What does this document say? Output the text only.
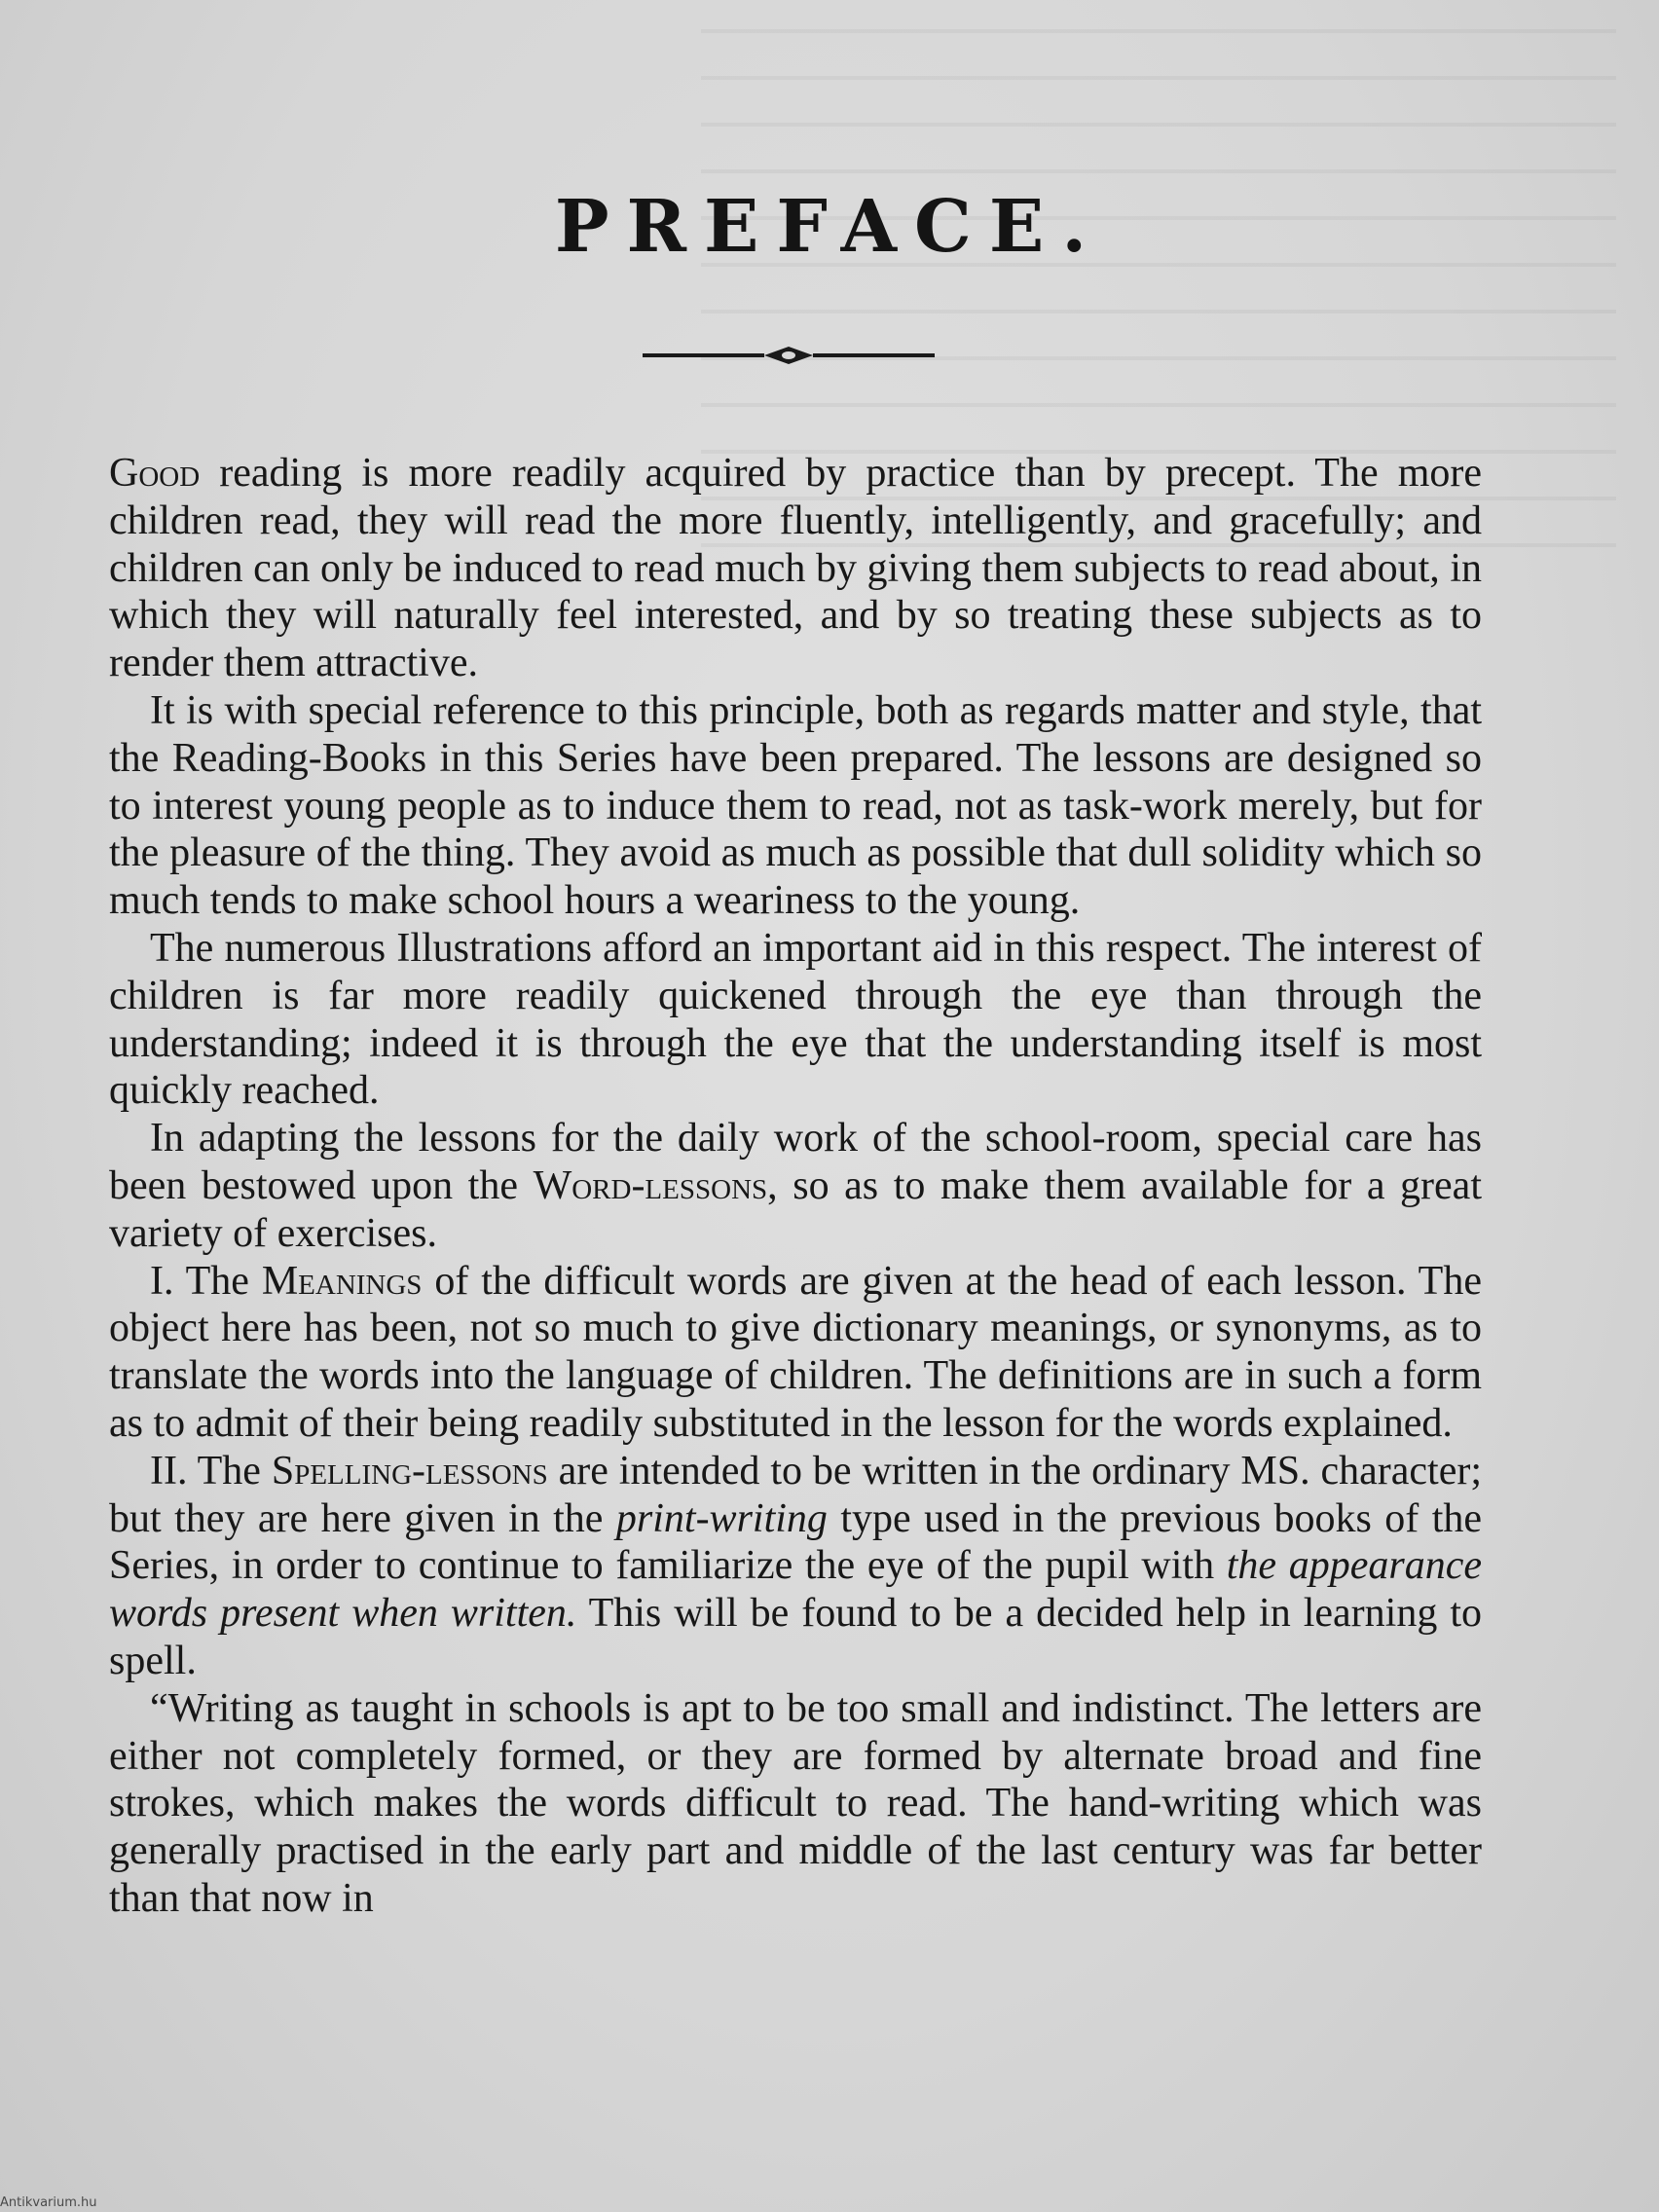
PREFACE.

Good reading is more readily acquired by practice than by precept. The more children read, they will read the more fluently, intelligently, and gracefully; and children can only be induced to read much by giving them subjects to read about, in which they will naturally feel interested, and by so treating these subjects as to render them attractive.

It is with special reference to this principle, both as regards matter and style, that the Reading-Books in this Series have been prepared. The lessons are designed so to interest young people as to induce them to read, not as task-work merely, but for the pleasure of the thing. They avoid as much as possible that dull solidity which so much tends to make school hours a weariness to the young.

The numerous Illustrations afford an important aid in this respect. The interest of children is far more readily quickened through the eye than through the understanding; indeed it is through the eye that the understanding itself is most quickly reached.

In adapting the lessons for the daily work of the school-room, special care has been bestowed upon the Word-lessons, so as to make them available for a great variety of exercises.

I. The Meanings of the difficult words are given at the head of each lesson. The object here has been, not so much to give dictionary meanings, or synonyms, as to translate the words into the language of children. The definitions are in such a form as to admit of their being readily substituted in the lesson for the words explained.

II. The Spelling-lessons are intended to be written in the ordinary MS. character; but they are here given in the print-writing type used in the previous books of the Series, in order to continue to familiarize the eye of the pupil with the appearance words present when written. This will be found to be a decided help in learning to spell.

“Writing as taught in schools is apt to be too small and indistinct. The letters are either not completely formed, or they are formed by alternate broad and fine strokes, which makes the words difficult to read. The hand-writing which was generally practised in the early part and middle of the last century was far better than that now in

Antikvarium.hu
